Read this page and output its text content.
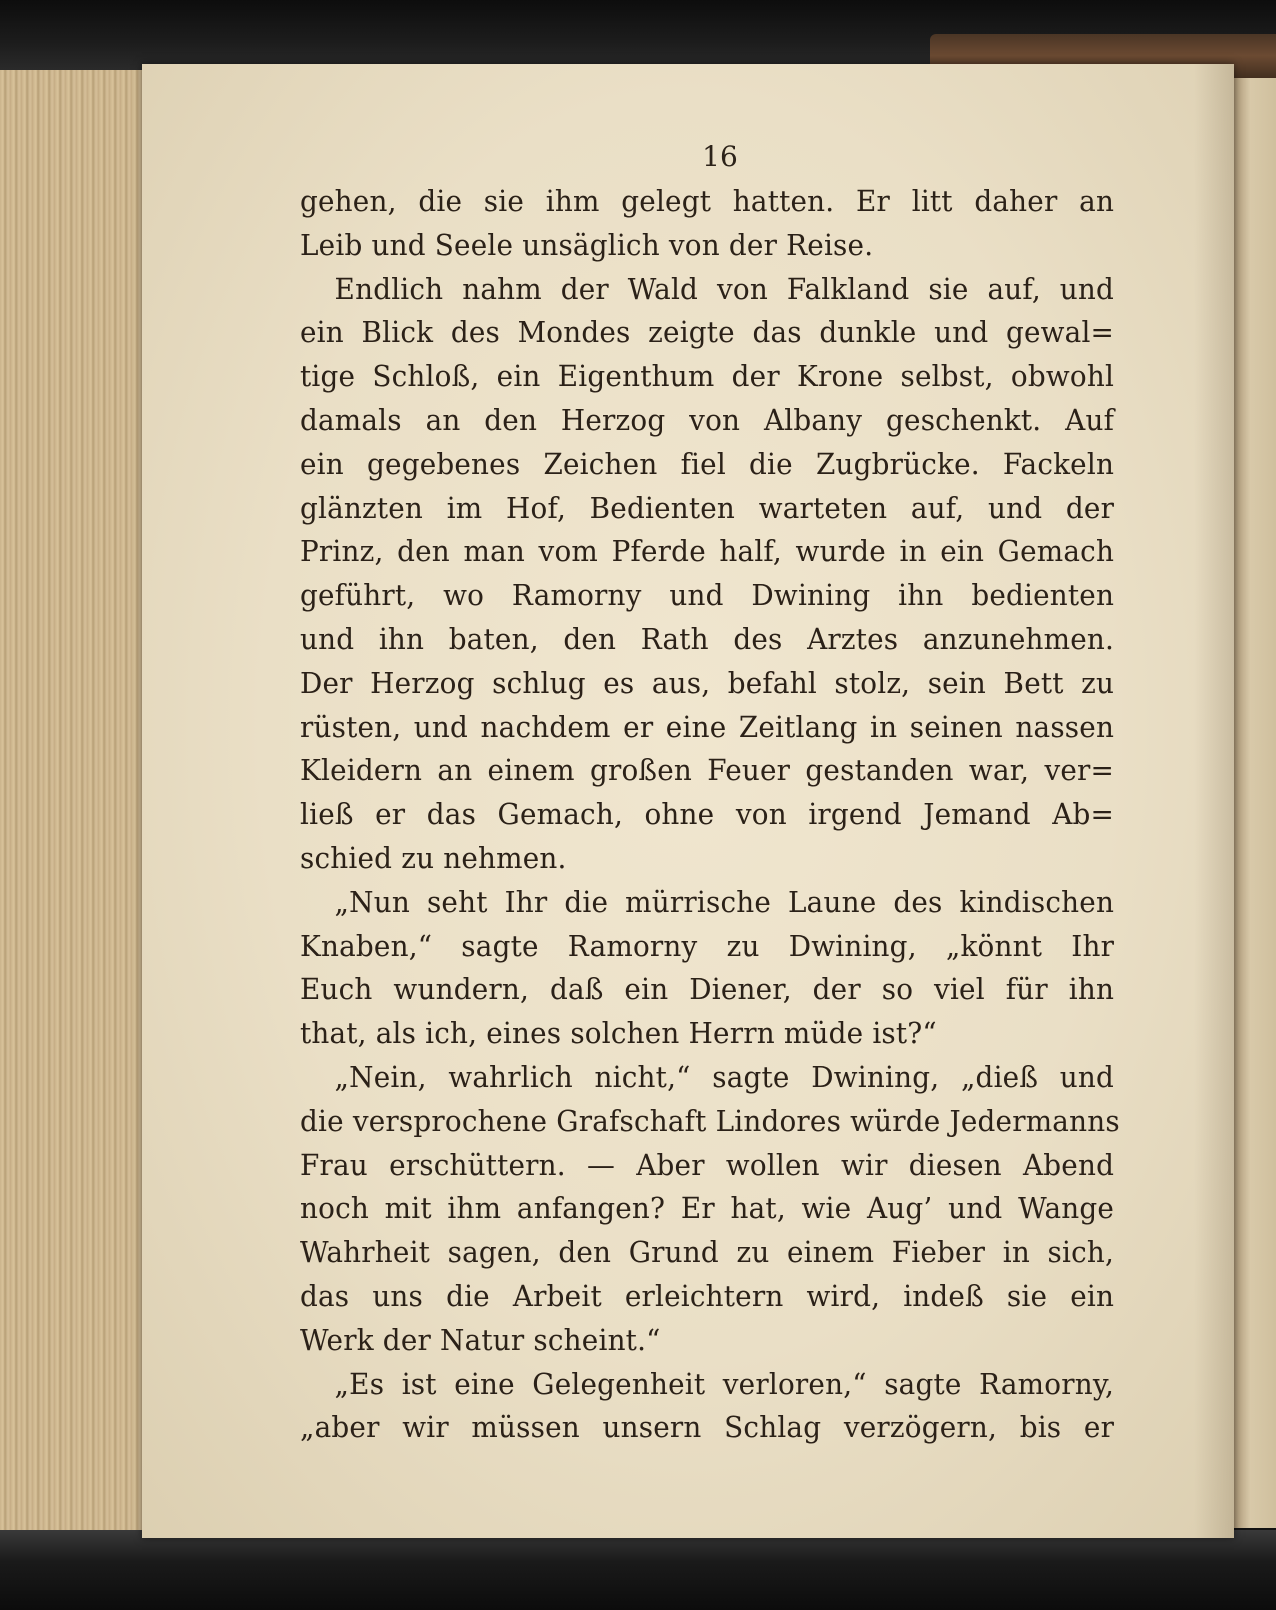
16

gehen, die sie ihm gelegt hatten. Er litt daher an
Leib und Seele unsäglich von der Reise.
Endlich nahm der Wald von Falkland sie auf, und
ein Blick des Mondes zeigte das dunkle und gewal=
tige Schloß, ein Eigenthum der Krone selbst, obwohl
damals an den Herzog von Albany geschenkt. Auf
ein gegebenes Zeichen fiel die Zugbrücke. Fackeln
glänzten im Hof, Bedienten warteten auf, und der
Prinz, den man vom Pferde half, wurde in ein Gemach
geführt, wo Ramorny und Dwining ihn bedienten
und ihn baten, den Rath des Arztes anzunehmen.
Der Herzog schlug es aus, befahl stolz, sein Bett zu
rüsten, und nachdem er eine Zeitlang in seinen nassen
Kleidern an einem großen Feuer gestanden war, ver=
ließ er das Gemach, ohne von irgend Jemand Ab=
schied zu nehmen.
„Nun seht Ihr die mürrische Laune des kindischen
Knaben,“ sagte Ramorny zu Dwining, „könnt Ihr
Euch wundern, daß ein Diener, der so viel für ihn
that, als ich, eines solchen Herrn müde ist?“
„Nein, wahrlich nicht,“ sagte Dwining, „dieß und
die versprochene Grafschaft Lindores würde Jedermanns
Frau erschüttern. — Aber wollen wir diesen Abend
noch mit ihm anfangen? Er hat, wie Aug’ und Wange
Wahrheit sagen, den Grund zu einem Fieber in sich,
das uns die Arbeit erleichtern wird, indeß sie ein
Werk der Natur scheint.“
„Es ist eine Gelegenheit verloren,“ sagte Ramorny,
„aber wir müssen unsern Schlag verzögern, bis er
